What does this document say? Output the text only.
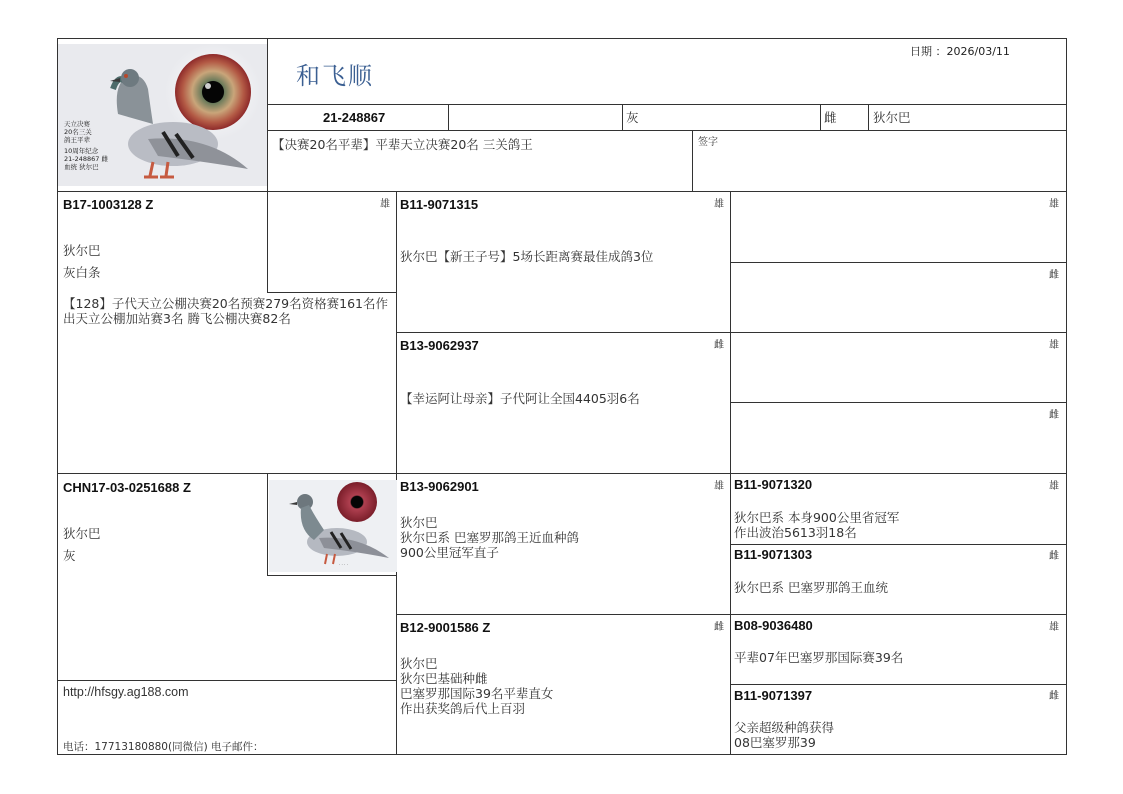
天立决赛
20名三关
鸽王平辈
10周年纪念
21-248867 雌
血统 狄尔巴
和飞顺
日期 ：2026/03/11
21-248867	灰	雌	狄尔巴
【决赛20名平辈】平辈天立决赛20名 三关鸽王	签字
B17-1003128 Z	雄
狄尔巴
灰白条
【128】子代天立公棚决赛20名预赛279名资格赛161名作出天立公棚加站赛3名 腾飞公棚决赛82名
CHN17-03-0251688 Z
狄尔巴
灰
· · · ·
B11-9071315	雄
狄尔巴【新王子号】5场长距离赛最佳成鸽3位
B13-9062937	雌
【幸运阿让母亲】子代阿让全国4405羽6名
B13-9062901	雄
狄尔巴
狄尔巴系 巴塞罗那鸽王近血种鸽
900公里冠军直子
B12-9001586 Z	雌
狄尔巴
狄尔巴基础种雌
巴塞罗那国际39名平辈直女
作出获奖鸽后代上百羽
雄
雌
雄
雌
B11-9071320	雄
狄尔巴系 本身900公里省冠军
作出波治5613羽18名
B11-9071303	雌
狄尔巴系 巴塞罗那鸽王血统
B08-9036480	雄
平辈07年巴塞罗那国际赛39名
B11-9071397	雌
父亲超级种鸽获得
08巴塞罗那39
http://hfsgy.ag188.com
电话：17713180880(同微信) 电子邮件：
